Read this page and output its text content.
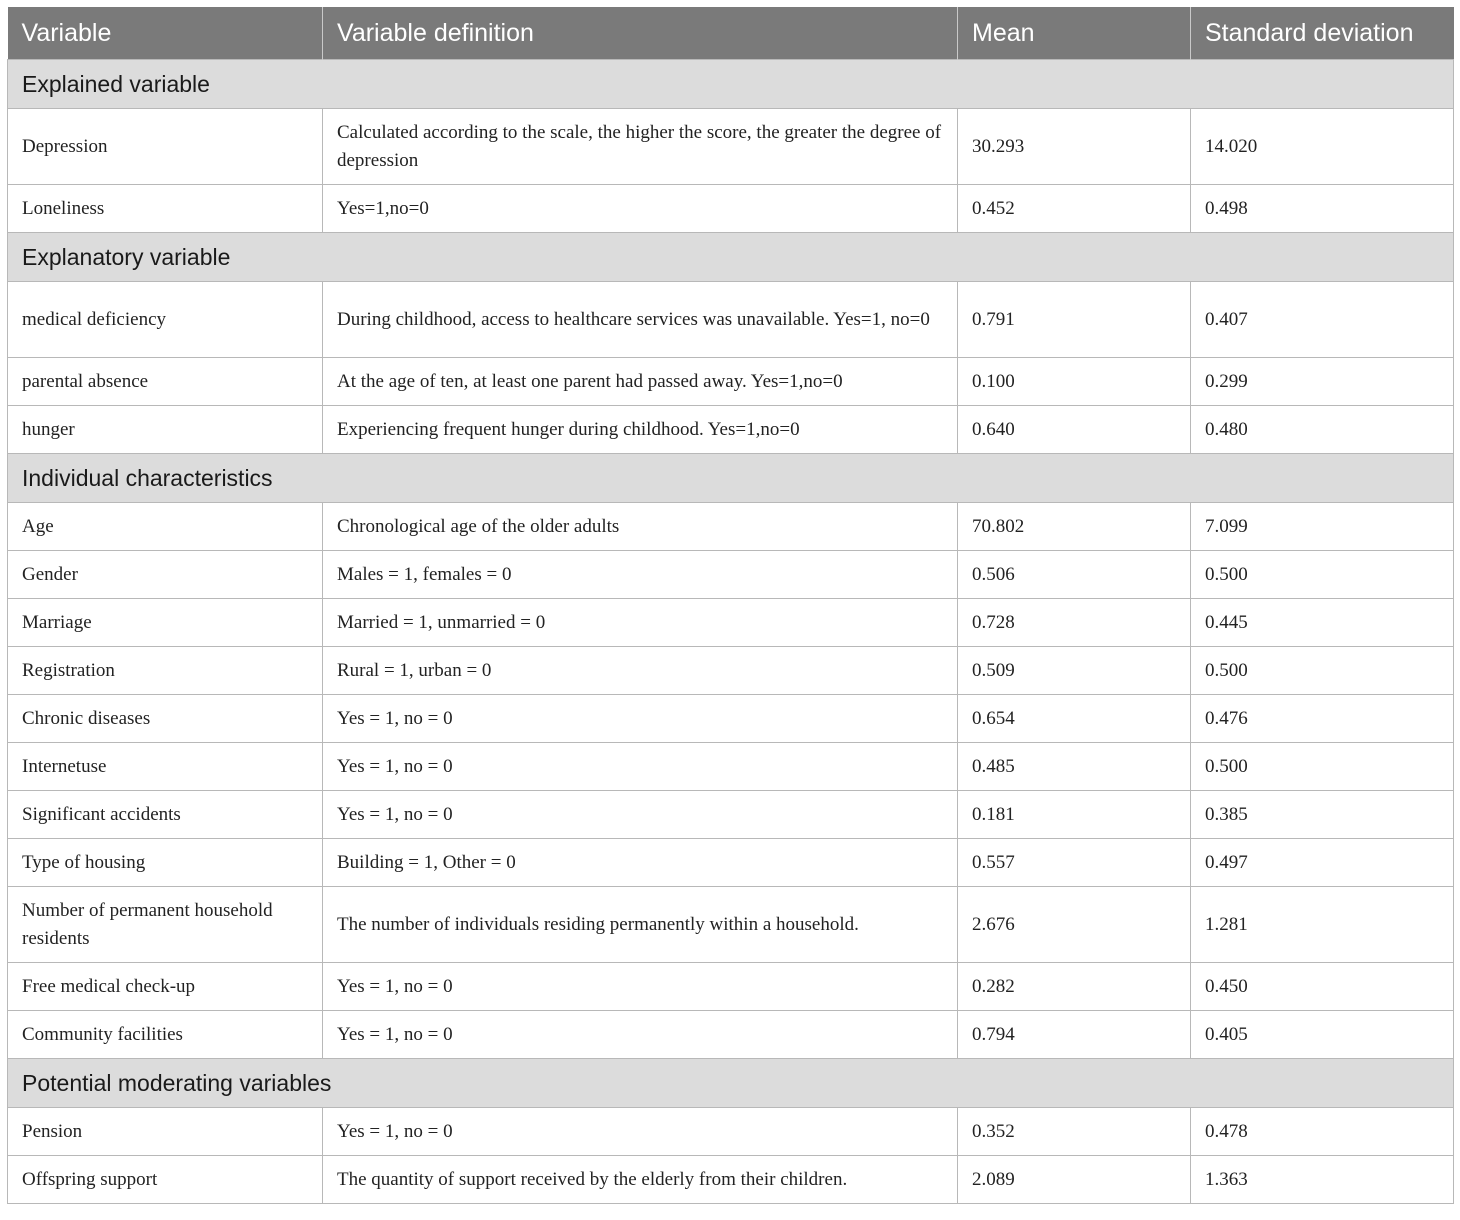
Variable	Variable definition	Mean	Standard deviation
Explained variable			
Depression	Calculated according to the scale, the higher the score, the greater the degree of depression	30.293	14.020
Loneliness	Yes=1,no=0	0.452	0.498
Explanatory variable			
medical deficiency	During childhood, access to healthcare services was unavailable. Yes=1, no=0	0.791	0.407
parental absence	At the age of ten, at least one parent had passed away. Yes=1,no=0	0.100	0.299
hunger	Experiencing frequent hunger during childhood. Yes=1,no=0	0.640	0.480
Individual characteristics			
Age	Chronological age of the older adults	70.802	7.099
Gender	Males = 1, females = 0	0.506	0.500
Marriage	Married = 1, unmarried = 0	0.728	0.445
Registration	Rural = 1, urban = 0	0.509	0.500
Chronic diseases	Yes = 1, no = 0	0.654	0.476
Internetuse	Yes = 1, no = 0	0.485	0.500
Significant accidents	Yes = 1, no = 0	0.181	0.385
Type of housing	Building = 1, Other = 0	0.557	0.497
Number of permanent household residents	The number of individuals residing permanently within a household.	2.676	1.281
Free medical check-up	Yes = 1, no = 0	0.282	0.450
Community facilities	Yes = 1, no = 0	0.794	0.405
Potential moderating variables			
Pension	Yes = 1, no = 0	0.352	0.478
Offspring support	The quantity of support received by the elderly from their children.	2.089	1.363
